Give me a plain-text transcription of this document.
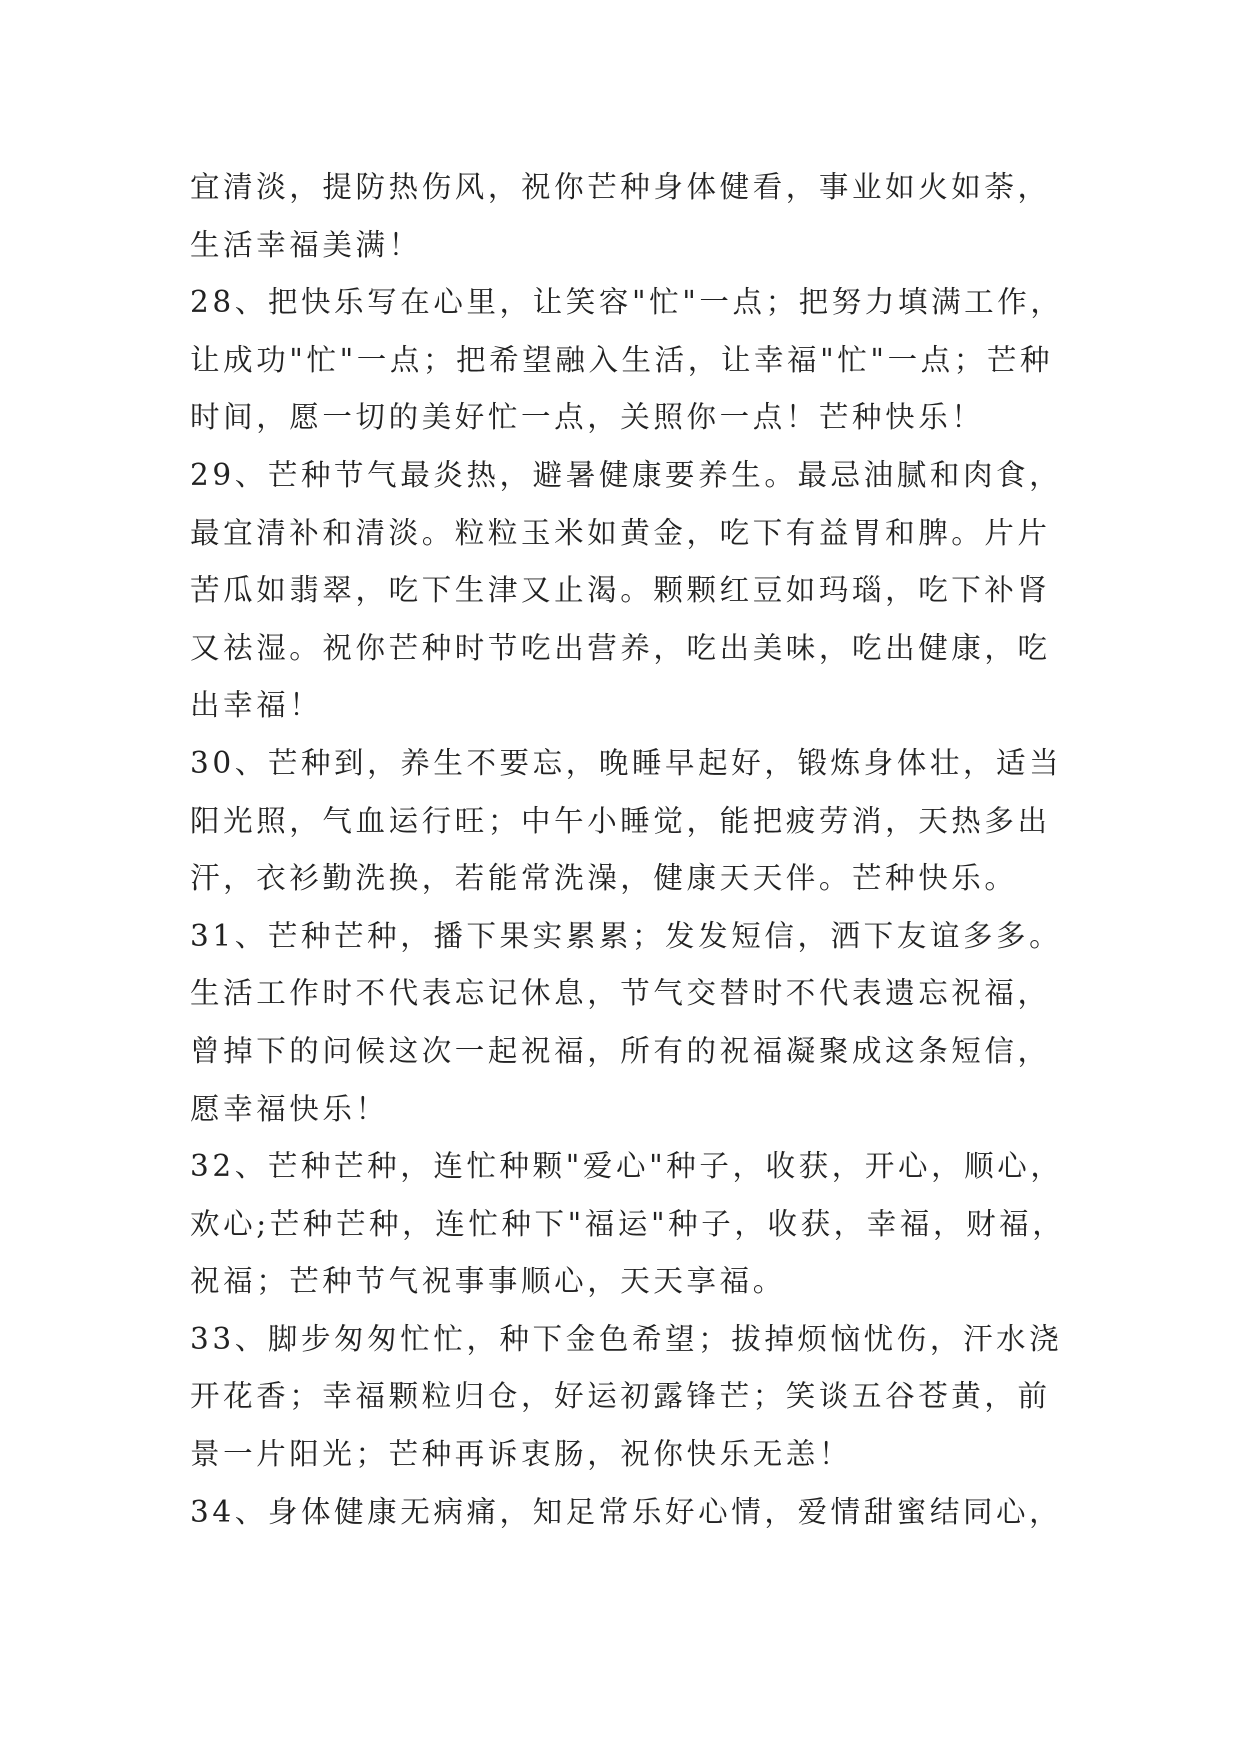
宜清淡，提防热伤风，祝你芒种身体健看，事业如火如荼，
生活幸福美满！
28、把快乐写在心里，让笑容"忙"一点；把努力填满工作，
让成功"忙"一点；把希望融入生活，让幸福"忙"一点；芒种
时间，愿一切的美好忙一点，关照你一点！芒种快乐！
29、芒种节气最炎热，避暑健康要养生。最忌油腻和肉食，
最宜清补和清淡。粒粒玉米如黄金，吃下有益胃和脾。片片
苦瓜如翡翠，吃下生津又止渴。颗颗红豆如玛瑙，吃下补肾
又祛湿。祝你芒种时节吃出营养，吃出美味，吃出健康，吃
出幸福！
30、芒种到，养生不要忘，晚睡早起好，锻炼身体壮，适当
阳光照，气血运行旺；中午小睡觉，能把疲劳消，天热多出
汗，衣衫勤洗换，若能常洗澡，健康天天伴。芒种快乐。
31、芒种芒种，播下果实累累；发发短信，洒下友谊多多。
生活工作时不代表忘记休息，节气交替时不代表遗忘祝福，
曾掉下的问候这次一起祝福，所有的祝福凝聚成这条短信，
愿幸福快乐！
32、芒种芒种，连忙种颗"爱心"种子，收获，开心，顺心，
欢心;芒种芒种，连忙种下"福运"种子，收获，幸福，财福，
祝福；芒种节气祝事事顺心，天天享福。
33、脚步匆匆忙忙，种下金色希望；拔掉烦恼忧伤，汗水浇
开花香；幸福颗粒归仓，好运初露锋芒；笑谈五谷苍黄，前
景一片阳光；芒种再诉衷肠，祝你快乐无恙！
34、身体健康无病痛，知足常乐好心情，爱情甜蜜结同心，
